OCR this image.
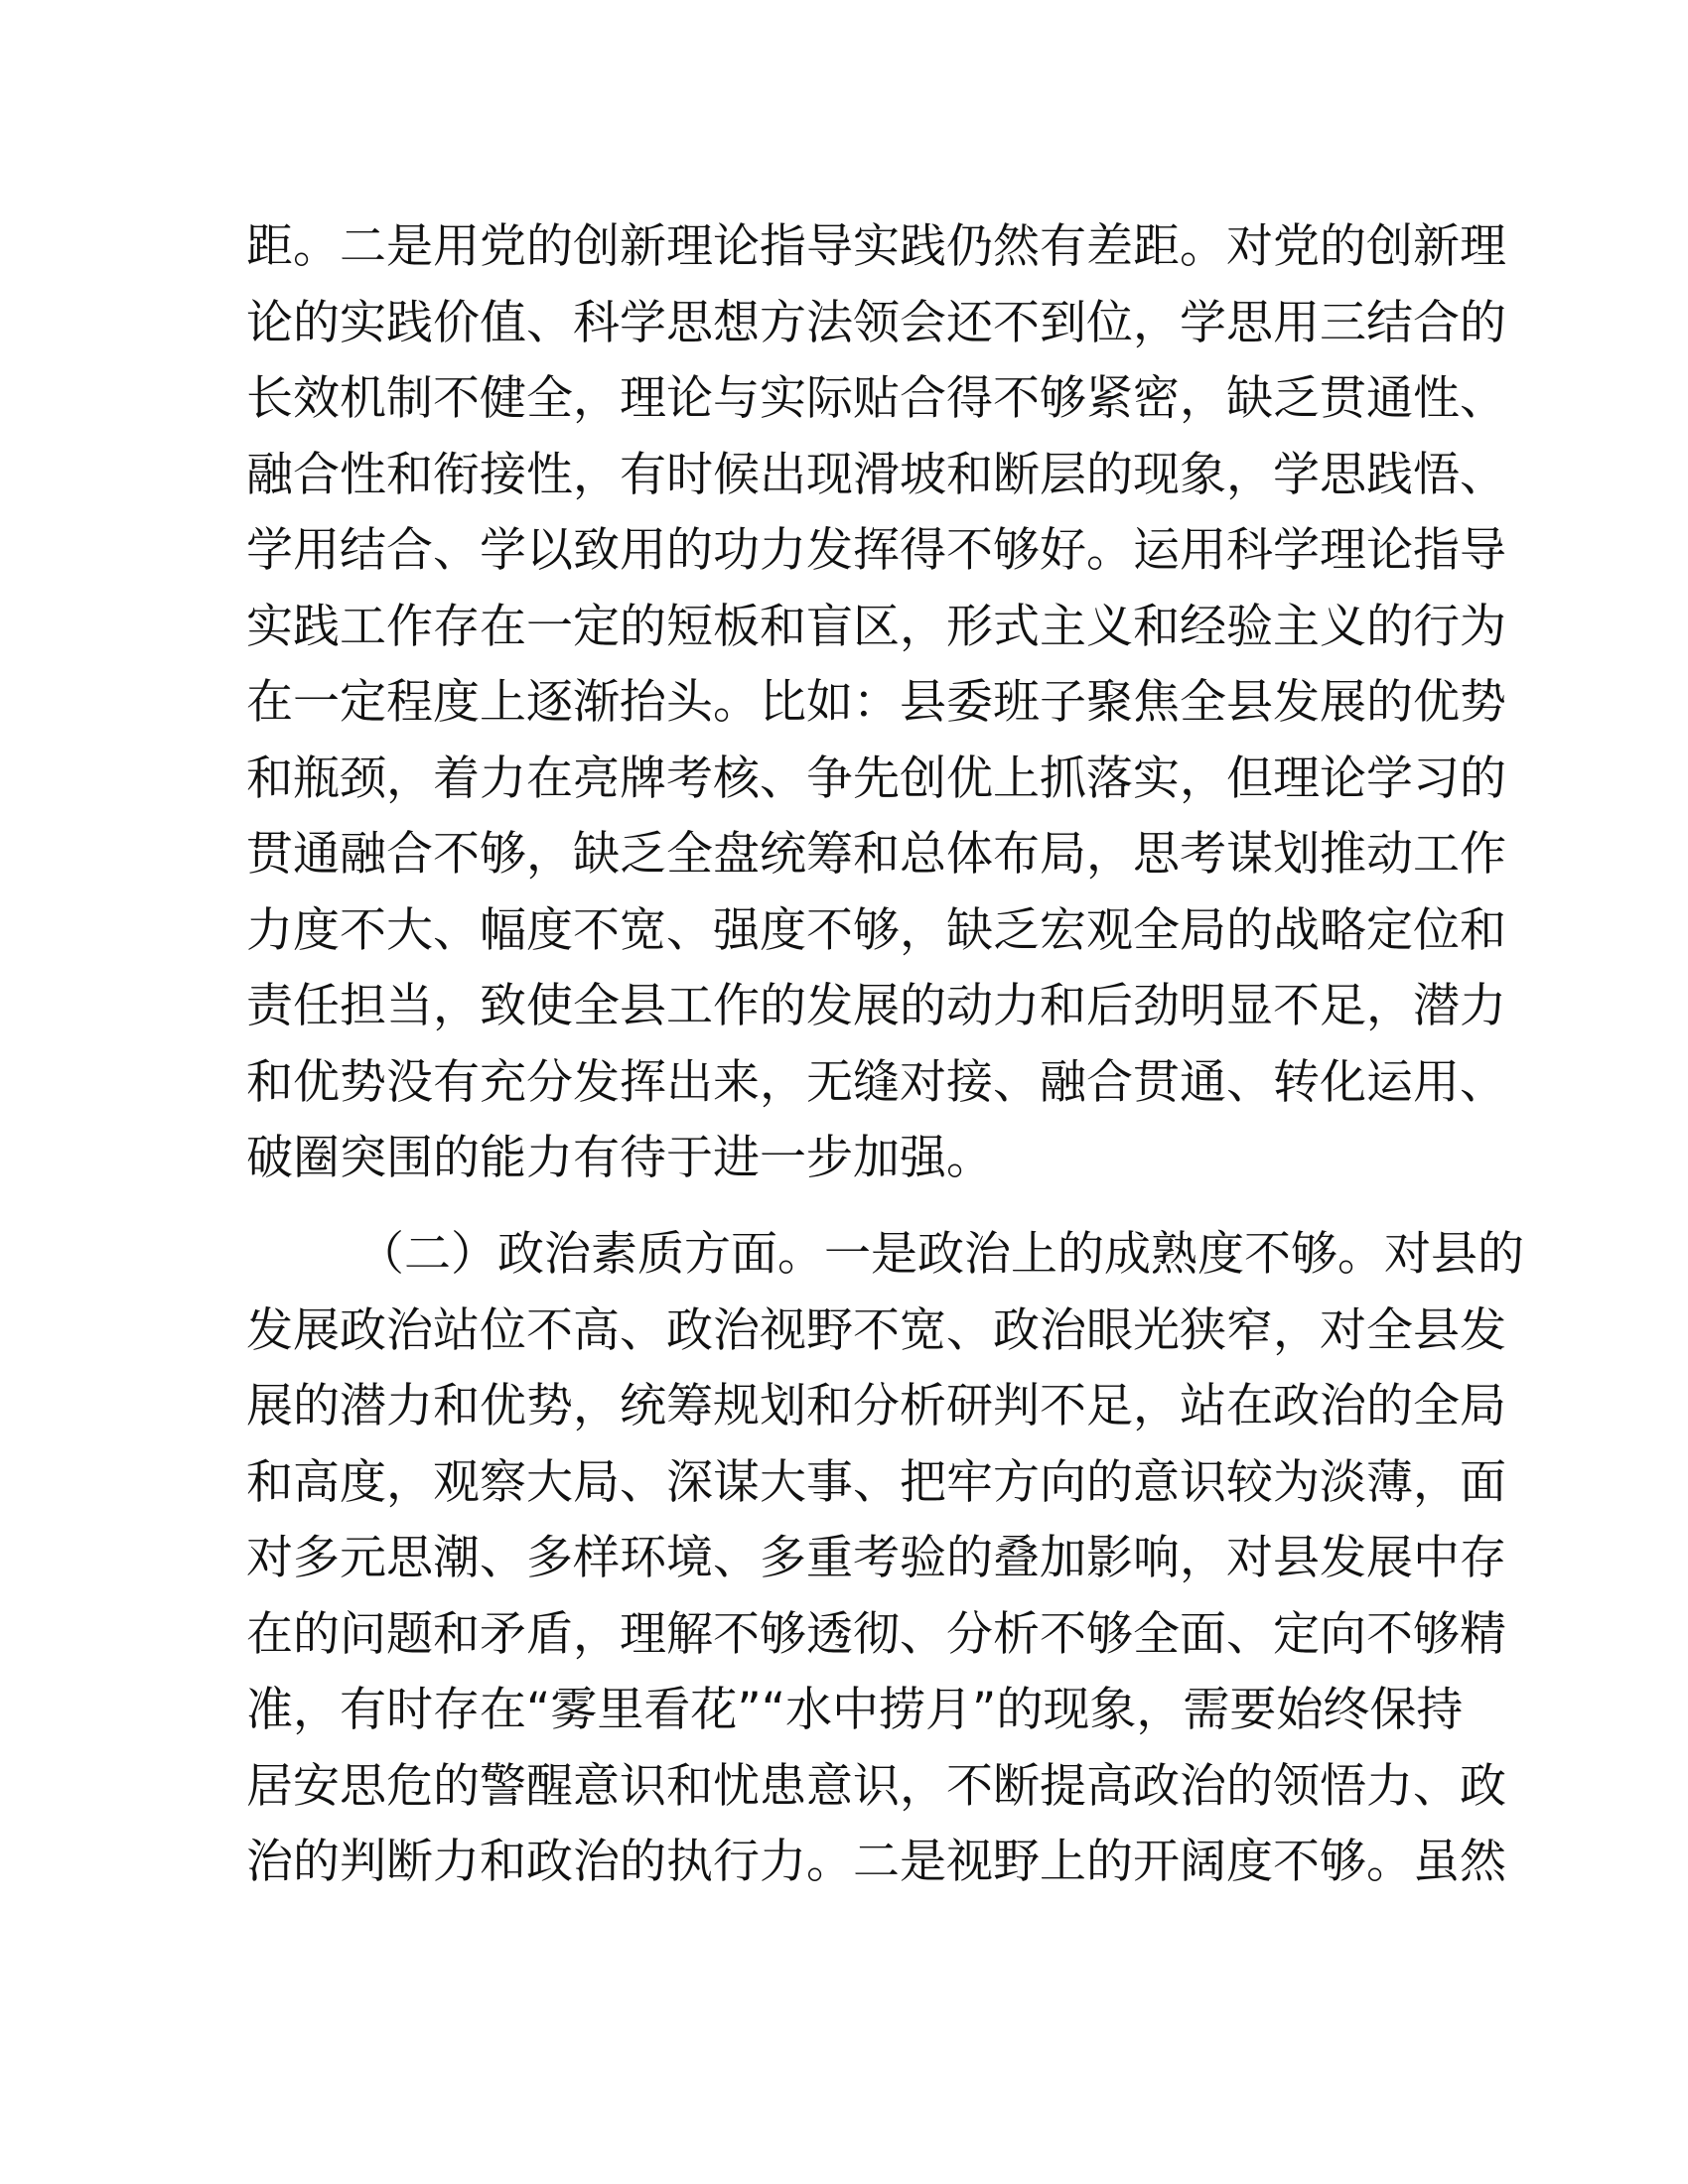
距。二是用党的创新理论指导实践仍然有差距。对党的创新理
论的实践价值、科学思想方法领会还不到位，学思用三结合的
长效机制不健全，理论与实际贴合得不够紧密，缺乏贯通性、
融合性和衔接性，有时候出现滑坡和断层的现象，学思践悟、
学用结合、学以致用的功力发挥得不够好。运用科学理论指导
实践工作存在一定的短板和盲区，形式主义和经验主义的行为
在一定程度上逐渐抬头。比如：县委班子聚焦全县发展的优势
和瓶颈，着力在亮牌考核、争先创优上抓落实，但理论学习的
贯通融合不够，缺乏全盘统筹和总体布局，思考谋划推动工作
力度不大、幅度不宽、强度不够，缺乏宏观全局的战略定位和
责任担当，致使全县工作的发展的动力和后劲明显不足，潜力
和优势没有充分发挥出来，无缝对接、融合贯通、转化运用、
破圈突围的能力有待于进一步加强。
（二）政治素质方面。一是政治上的成熟度不够。对县的
发展政治站位不高、政治视野不宽、政治眼光狭窄，对全县发
展的潜力和优势，统筹规划和分析研判不足，站在政治的全局
和高度，观察大局、深谋大事、把牢方向的意识较为淡薄，面
对多元思潮、多样环境、多重考验的叠加影响，对县发展中存
在的问题和矛盾，理解不够透彻、分析不够全面、定向不够精
准，有时存在“雾里看花”“水中捞月”的现象，需要始终保持
居安思危的警醒意识和忧患意识，不断提高政治的领悟力、政
治的判断力和政治的执行力。二是视野上的开阔度不够。虽然
